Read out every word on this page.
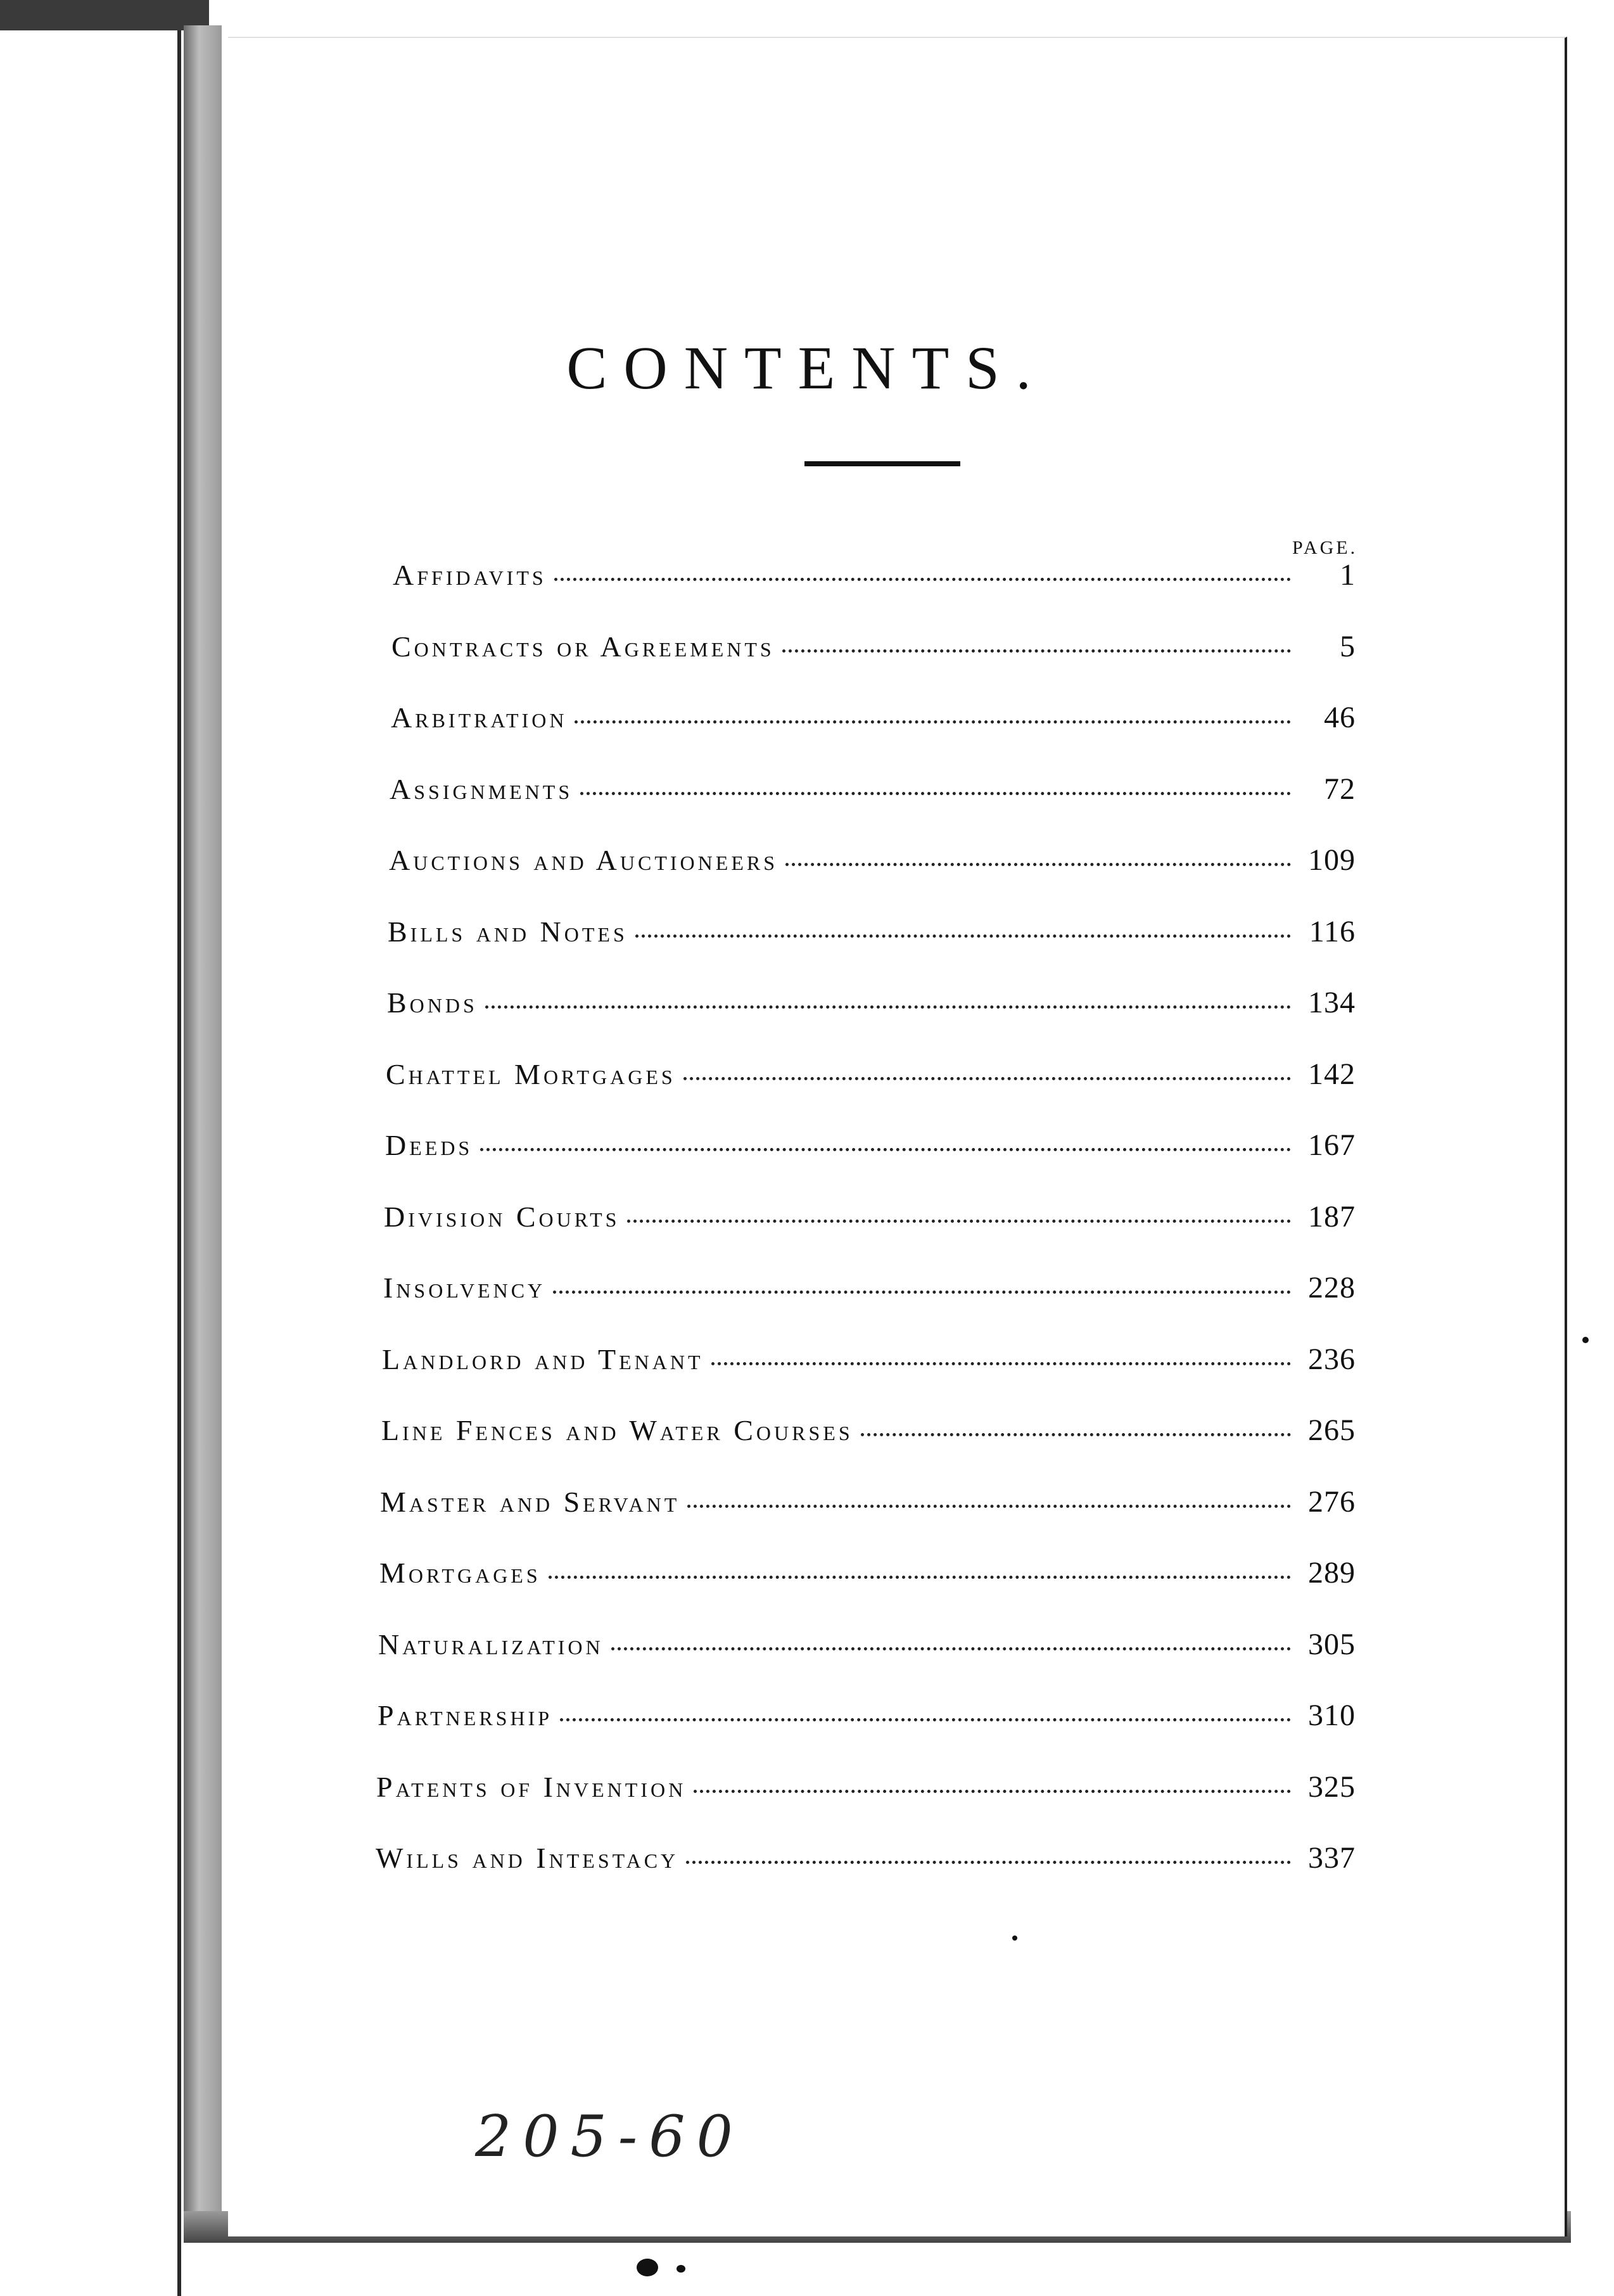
CONTENTS.
PAGE.
Affidavits	1
Contracts or Agreements	5
Arbitration	46
Assignments	72
Auctions and Auctioneers	109
Bills and Notes	116
Bonds	134
Chattel Mortgages	142
Deeds	167
Division Courts	187
Insolvency	228
Landlord and Tenant	236
Line Fences and Water Courses	265
Master and Servant	276
Mortgages	289
Naturalization	305
Partnership	310
Patents of Invention	325
Wills and Intestacy	337
205-60
